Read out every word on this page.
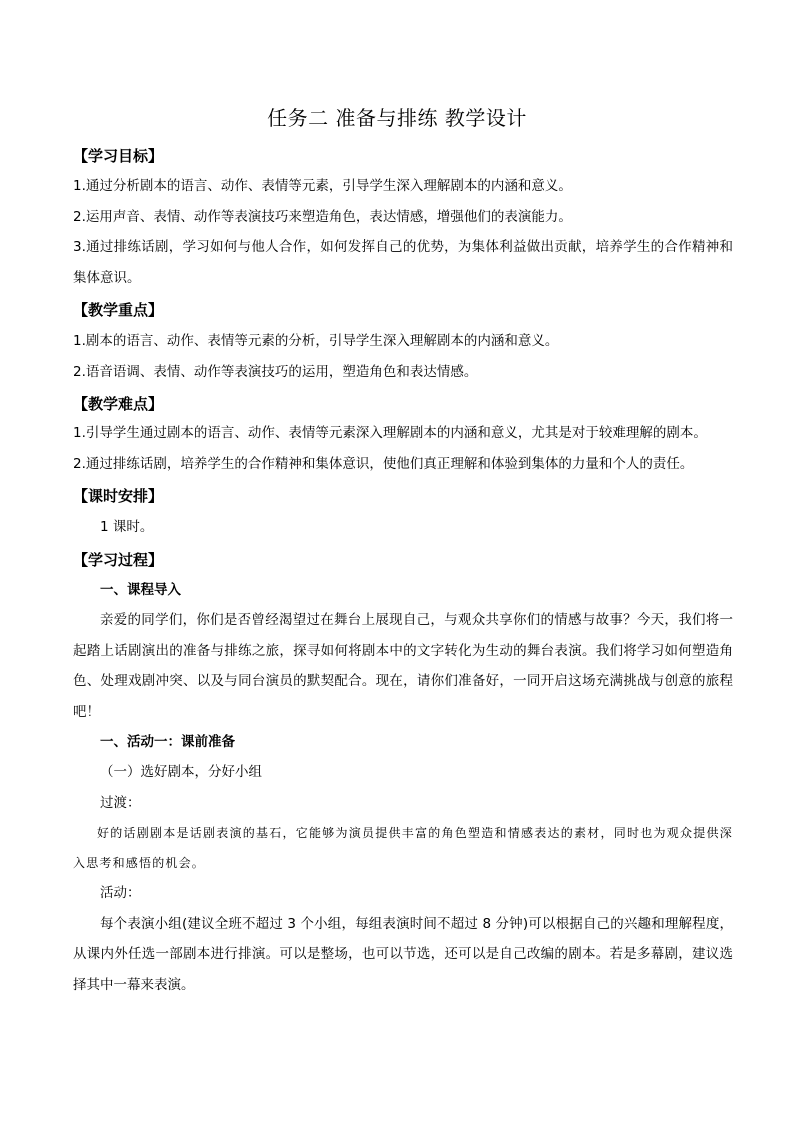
任务二 准备与排练 教学设计

【学习目标】

1.通过分析剧本的语言、动作、表情等元素，引导学生深入理解剧本的内涵和意义。

2.运用声音、表情、动作等表演技巧来塑造角色，表达情感，增强他们的表演能力。

3.通过排练话剧，学习如何与他人合作，如何发挥自己的优势，为集体利益做出贡献，培养学生的合作精神和集体意识。

【教学重点】

1.剧本的语言、动作、表情等元素的分析，引导学生深入理解剧本的内涵和意义。

2.语音语调、表情、动作等表演技巧的运用，塑造角色和表达情感。

【教学难点】

1.引导学生通过剧本的语言、动作、表情等元素深入理解剧本的内涵和意义，尤其是对于较难理解的剧本。

2.通过排练话剧，培养学生的合作精神和集体意识，使他们真正理解和体验到集体的力量和个人的责任。

【课时安排】

1 课时。

【学习过程】

一、课程导入

亲爱的同学们，你们是否曾经渴望过在舞台上展现自己，与观众共享你们的情感与故事？今天，我们将一起踏上话剧演出的准备与排练之旅，探寻如何将剧本中的文字转化为生动的舞台表演。我们将学习如何塑造角色、处理戏剧冲突、以及与同台演员的默契配合。现在，请你们准备好，一同开启这场充满挑战与创意的旅程吧！

一、活动一：课前准备

（一）选好剧本，分好小组

过渡：

好的话剧剧本是话剧表演的基石，它能够为演员提供丰富的角色塑造和情感表达的素材，同时也为观众提供深入思考和感悟的机会。

活动：

每个表演小组(建议全班不超过 3 个小组，每组表演时间不超过 8 分钟)可以根据自己的兴趣和理解程度，从课内外任选一部剧本进行排演。可以是整场，也可以节选，还可以是自己改编的剧本。若是多幕剧，建议选择其中一幕来表演。
